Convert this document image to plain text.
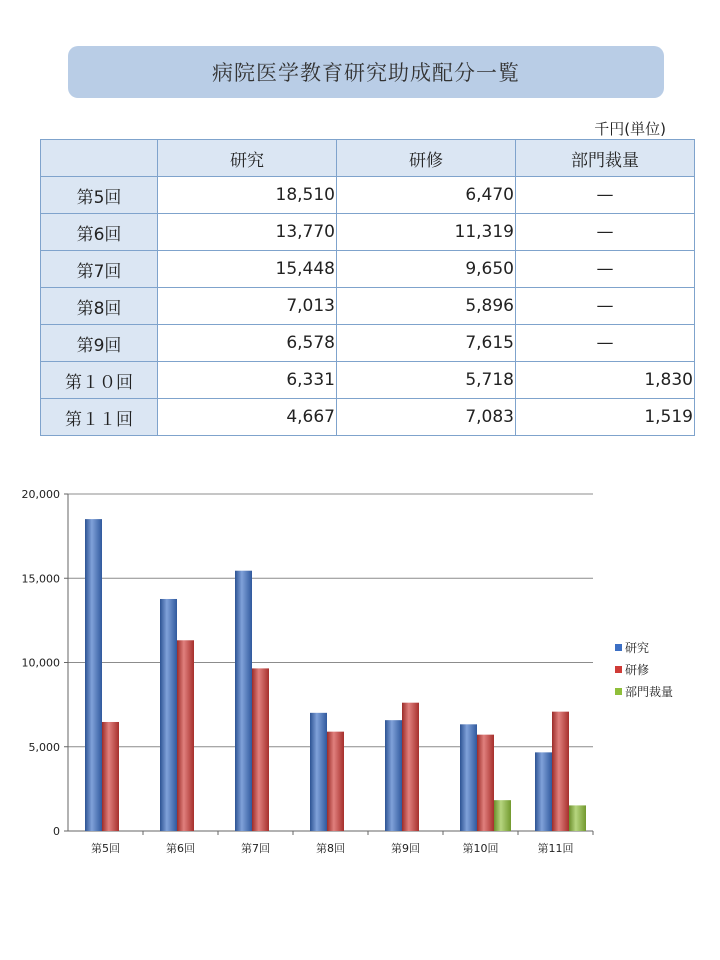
病院医学教育研究助成配分一覧
千円(単位)
	研究	研修	部門裁量
第5回	18,510	6,470	—
第6回	13,770	11,319	—
第7回	15,448	9,650	—
第8回	7,013	5,896	—
第9回	6,578	7,615	—
第１０回	6,331	5,718	1,830
第１１回	4,667	7,083	1,519
0
5,000
10,000
15,000
20,000
第5回	第6回	第7回	第8回	第9回	第10回	第11回
研究
研修
部門裁量
